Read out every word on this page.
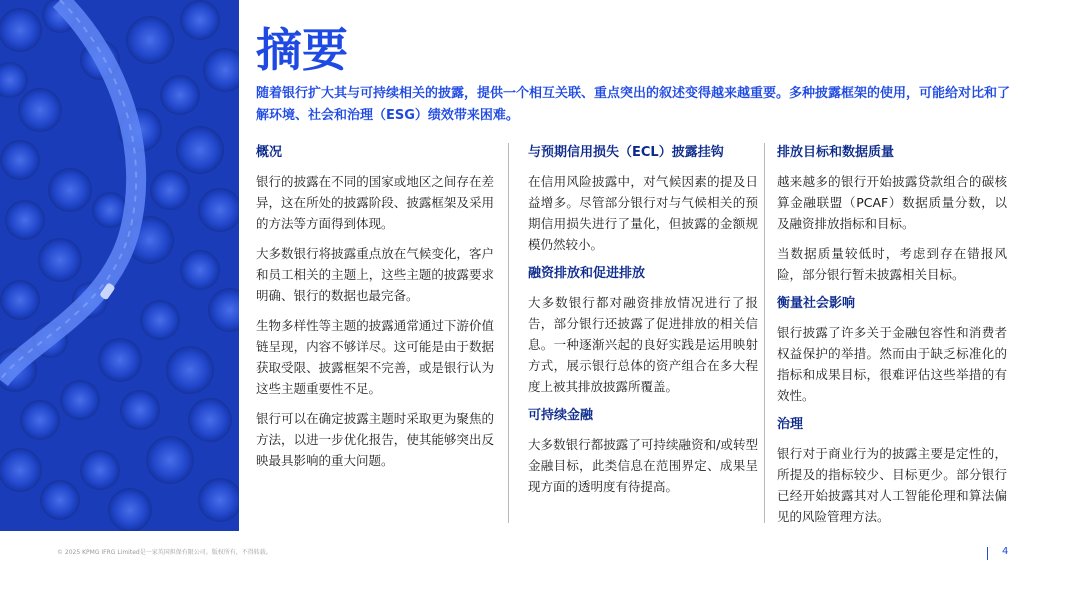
摘要
随着银行扩大其与可持续相关的披露，提供一个相互关联、重点突出的叙述变得越来越重要。多种披露框架的使用，可能给对比和了解环境、社会和治理（ESG）绩效带来困难。
概况

银行的披露在不同的国家或地区之间存在差异，这在所处的披露阶段、披露框架及采用的方法等方面得到体现。

大多数银行将披露重点放在气候变化，客户和员工相关的主题上，这些主题的披露要求明确、银行的数据也最完备。

生物多样性等主题的披露通常通过下游价值链呈现，内容不够详尽。这可能是由于数据获取受限、披露框架不完善，或是银行认为这些主题重要性不足。

银行可以在确定披露主题时采取更为聚焦的方法，以进一步优化报告，使其能够突出反映最具影响的重大问题。

与预期信用损失（ECL）披露挂钩

在信用风险披露中，对气候因素的提及日益增多。尽管部分银行对与气候相关的预期信用损失进行了量化，但披露的金额规模仍然较小。

融资排放和促进排放

大多数银行都对融资排放情况进行了报告，部分银行还披露了促进排放的相关信息。一种逐渐兴起的良好实践是运用映射方式，展示银行总体的资产组合在多大程度上被其排放披露所覆盖。

可持续金融

大多数银行都披露了可持续融资和/或转型金融目标，此类信息在范围界定、成果呈现方面的透明度有待提高。

排放目标和数据质量

越来越多的银行开始披露贷款组合的碳核算金融联盟（PCAF）数据质量分数，以及融资排放指标和目标。

当数据质量较低时，考虑到存在错报风险，部分银行暂未披露相关目标。

衡量社会影响

银行披露了许多关于金融包容性和消费者权益保护的举措。然而由于缺乏标准化的指标和成果目标，很难评估这些举措的有效性。

治理

银行对于商业行为的披露主要是定性的，所提及的指标较少、目标更少。部分银行已经开始披露其对人工智能伦理和算法偏见的风险管理方法。

© 2025 KPMG IFRG Limited是一家英国担保有限公司。版权所有，不得转载。	4
